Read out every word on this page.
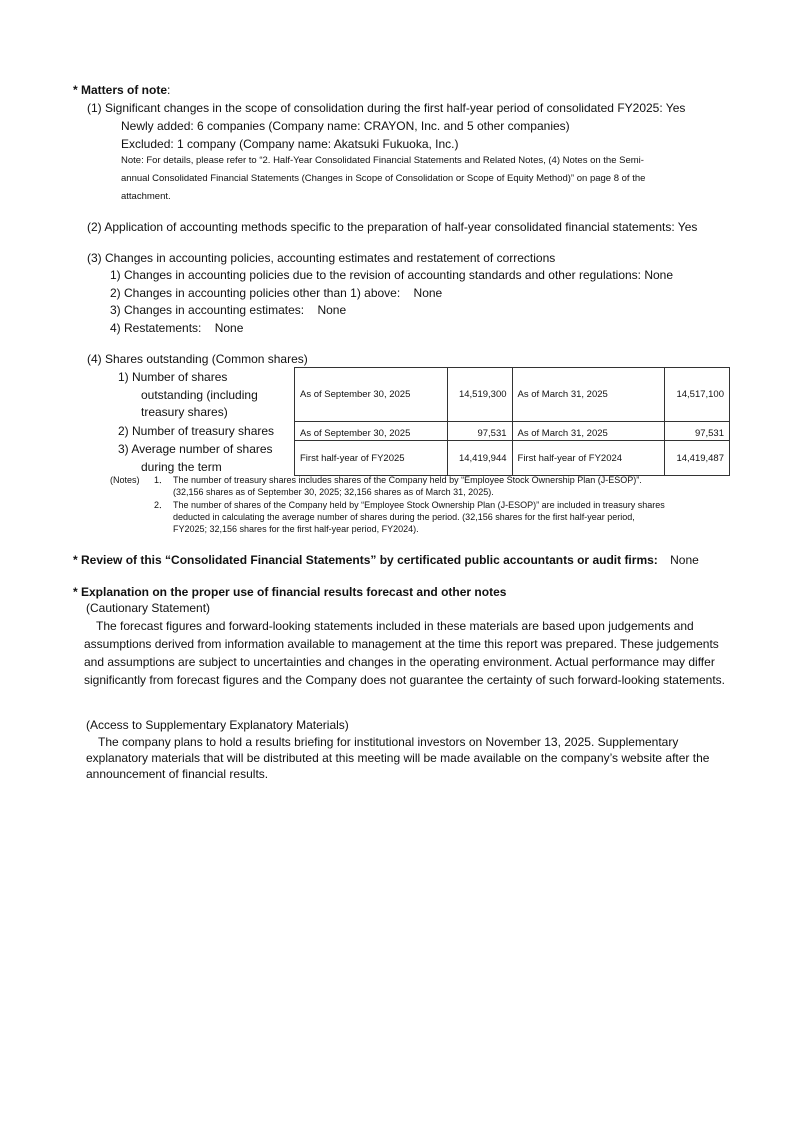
* Matters of note:
(1) Significant changes in the scope of consolidation during the first half-year period of consolidated FY2025: Yes
Newly added: 6 companies (Company name: CRAYON, Inc. and 5 other companies)
Excluded: 1 company (Company name: Akatsuki Fukuoka, Inc.)
Note: For details, please refer to “2. Half-Year Consolidated Financial Statements and Related Notes, (4) Notes on the Semi-
annual Consolidated Financial Statements (Changes in Scope of Consolidation or Scope of Equity Method)” on page 8 of the
attachment.
(2) Application of accounting methods specific to the preparation of half-year consolidated financial statements: Yes
(3) Changes in accounting policies, accounting estimates and restatement of corrections
1) Changes in accounting policies due to the revision of accounting standards and other regulations: None
2) Changes in accounting policies other than 1) above:    None
3) Changes in accounting estimates:    None
4) Restatements:    None
(4) Shares outstanding (Common shares)
1) Number of shares
outstanding (including
treasury shares)
2) Number of treasury shares
3) Average number of shares
during the term
As of September 30, 2025	14,519,300	As of March 31, 2025	14,517,100
As of September 30, 2025	97,531	As of March 31, 2025	97,531
First half-year of FY2025	14,419,944	First half-year of FY2024	14,419,487
(Notes) 1． The number of treasury shares includes shares of the Company held by “Employee Stock Ownership Plan (J-ESOP)”.
(32,156 shares as of September 30, 2025; 32,156 shares as of March 31, 2025).
2． The number of shares of the Company held by “Employee Stock Ownership Plan (J-ESOP)” are included in treasury shares
deducted in calculating the average number of shares during the period. (32,156 shares for the first half-year period,
FY2025; 32,156 shares for the first half-year period, FY2024).
* Review of this “Consolidated Financial Statements” by certificated public accountants or audit firms: None
* Explanation on the proper use of financial results forecast and other notes
(Cautionary Statement)
The forecast figures and forward-looking statements included in these materials are based upon judgements and assumptions derived from information available to management at the time this report was prepared. These judgements and assumptions are subject to uncertainties and changes in the operating environment. Actual performance may differ significantly from forecast figures and the Company does not guarantee the certainty of such forward-looking statements.
(Access to Supplementary Explanatory Materials)
The company plans to hold a results briefing for institutional investors on November 13, 2025. Supplementary explanatory materials that will be distributed at this meeting will be made available on the company’s website after the announcement of financial results.
